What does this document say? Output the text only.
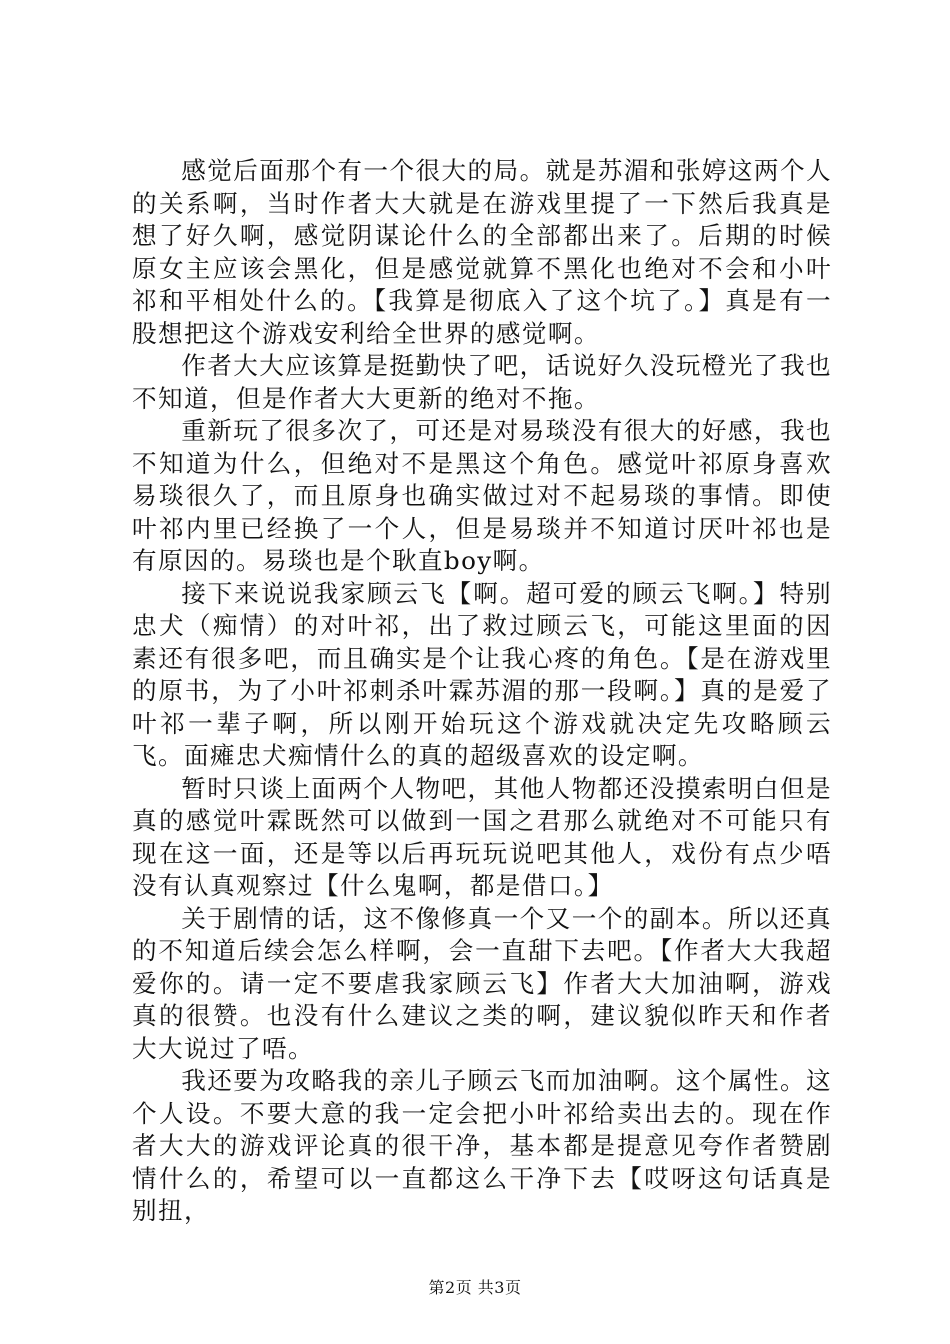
感觉后面那个有一个很大的局。就是苏湄和张婷这两个人的关系啊，当时作者大大就是在游戏里提了一下然后我真是想了好久啊，感觉阴谋论什么的全部都出来了。后期的时候原女主应该会黑化，但是感觉就算不黑化也绝对不会和小叶祁和平相处什么的。【我算是彻底入了这个坑了。】真是有一股想把这个游戏安利给全世界的感觉啊。

作者大大应该算是挺勤快了吧，话说好久没玩橙光了我也不知道，但是作者大大更新的绝对不拖。

重新玩了很多次了，可还是对易琰没有很大的好感，我也不知道为什么，但绝对不是黑这个角色。感觉叶祁原身喜欢易琰很久了，而且原身也确实做过对不起易琰的事情。即使叶祁内里已经换了一个人，但是易琰并不知道讨厌叶祁也是有原因的。易琰也是个耿直boy啊。

接下来说说我家顾云飞【啊。超可爱的顾云飞啊。】特别忠犬（痴情）的对叶祁，出了救过顾云飞，可能这里面的因素还有很多吧，而且确实是个让我心疼的角色。【是在游戏里的原书，为了小叶祁刺杀叶霖苏湄的那一段啊。】真的是爱了叶祁一辈子啊，所以刚开始玩这个游戏就决定先攻略顾云飞。面瘫忠犬痴情什么的真的超级喜欢的设定啊。

暂时只谈上面两个人物吧，其他人物都还没摸索明白但是真的感觉叶霖既然可以做到一国之君那么就绝对不可能只有现在这一面，还是等以后再玩玩说吧其他人，戏份有点少唔没有认真观察过【什么鬼啊，都是借口。】

关于剧情的话，这不像修真一个又一个的副本。所以还真的不知道后续会怎么样啊，会一直甜下去吧。【作者大大我超爱你的。请一定不要虐我家顾云飞】作者大大加油啊，游戏真的很赞。也没有什么建议之类的啊，建议貌似昨天和作者大大说过了唔。

我还要为攻略我的亲儿子顾云飞而加油啊。这个属性。这个人设。不要大意的我一定会把小叶祁给卖出去的。现在作者大大的游戏评论真的很干净，基本都是提意见夸作者赞剧情什么的，希望可以一直都这么干净下去【哎呀这句话真是别扭，

第2页 共3页
